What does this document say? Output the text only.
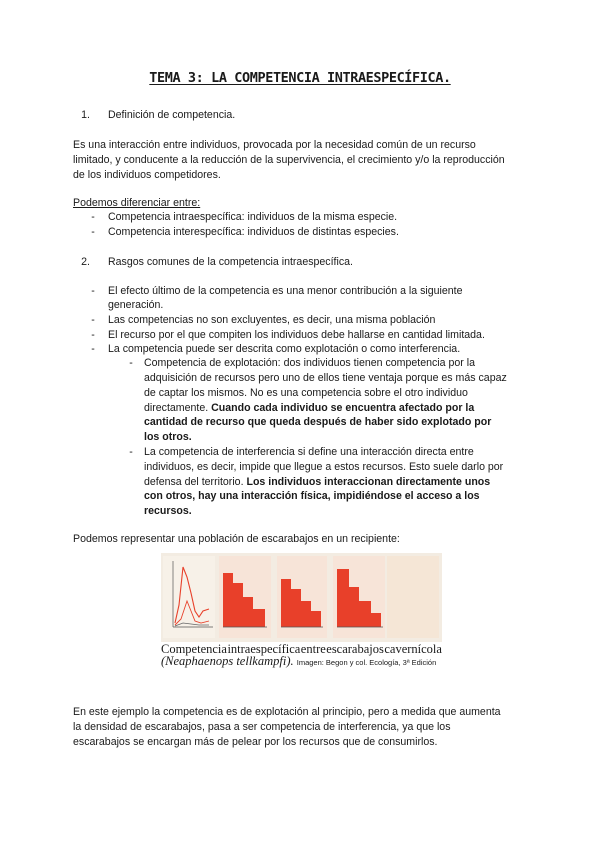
TEMA 3: LA COMPETENCIA INTRAESPECÍFICA.
1. Definición de competencia.
Es una interacción entre individuos, provocada por la necesidad común de un recurso
limitado, y conducente a la reducción de la supervivencia, el crecimiento y/o la reproducción
de los individuos competidores.
Podemos diferenciar entre:
-	Competencia intraespecífica: individuos de la misma especie.
-	Competencia interespecífica: individuos de distintas especies.
2. Rasgos comunes de la competencia intraespecífica.
-	El efecto último de la competencia es una menor contribución a la siguiente
generación.
-	Las competencias no son excluyentes, es decir, una misma población
-	El recurso por el que compiten los individuos debe hallarse en cantidad limitada.
-	La competencia puede ser descrita como explotación o como interferencia.
-	Competencia de explotación: dos individuos tienen competencia por la
adquisición de recursos pero uno de ellos tiene ventaja porque es más capaz
de captar los mismos. No es una competencia sobre el otro individuo
directamente. Cuando cada individuo se encuentra afectado por la
cantidad de recurso que queda después de haber sido explotado por
los otros.
-	La competencia de interferencia si define una interacción directa entre
individuos, es decir, impide que llegue a estos recursos. Esto suele darlo por
defensa del territorio. Los individuos interaccionan directamente unos
con otros, hay una interacción física, impidiéndose el acceso a los
recursos.
Podemos representar una población de escarabajos en un recipiente:
Competencia intraespecífica entre escarabajos cavernícola
(Neaphaenops tellkampfi). Imagen: Begon y col. Ecología, 3ª Edición
En este ejemplo la competencia es de explotación al principio, pero a medida que aumenta
la densidad de escarabajos, pasa a ser competencia de interferencia, ya que los
escarabajos se encargan más de pelear por los recursos que de consumirlos.
